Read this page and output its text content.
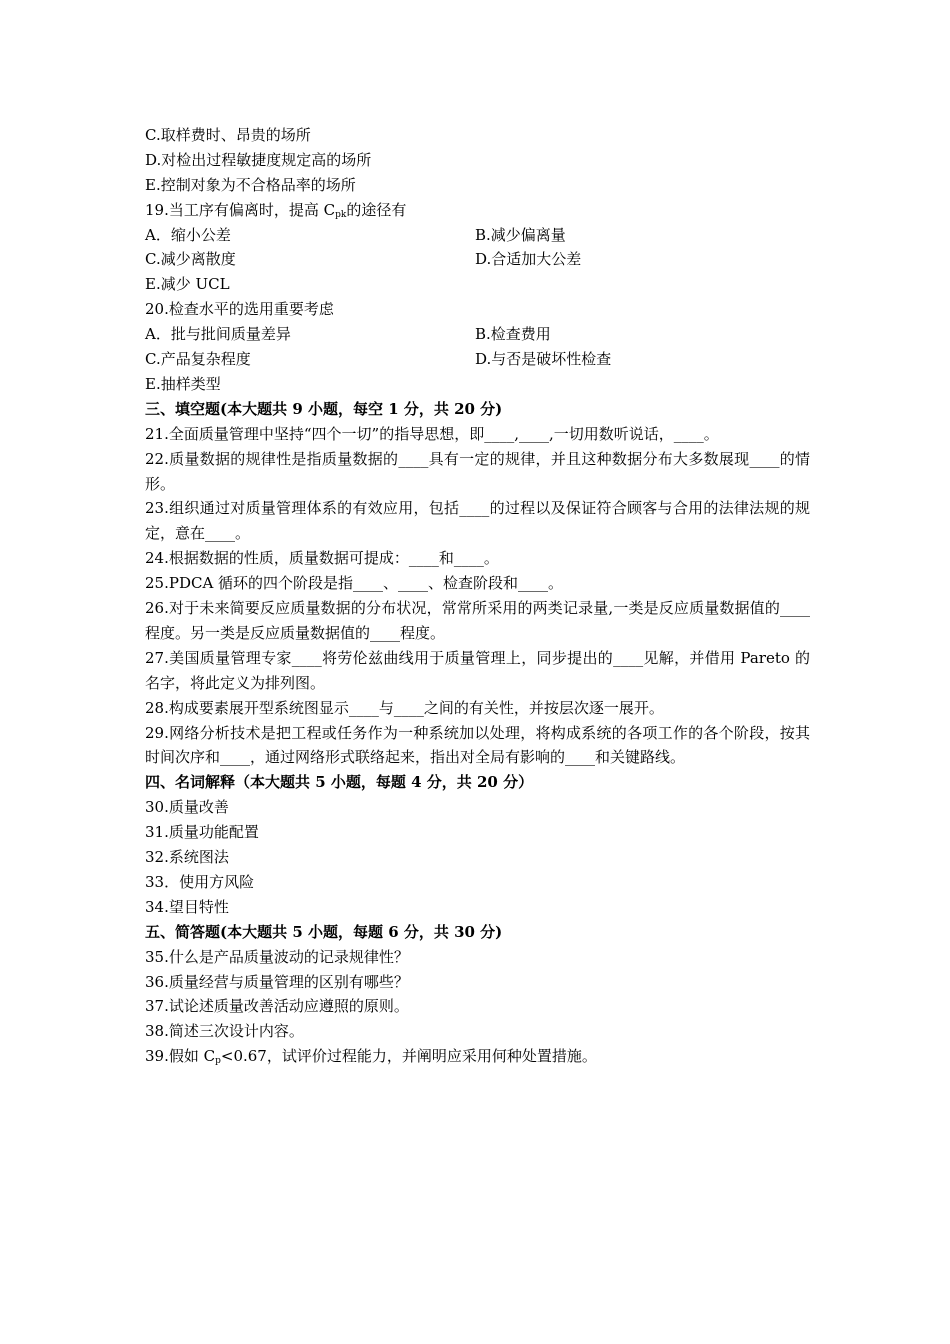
C.取样费时、昂贵的场所
D.对检出过程敏捷度规定高的场所
E.控制对象为不合格品率的场所
19.当工序有偏离时，提高 $C_{pk}$的途径有
A．缩小公差	B.减少偏离量
C.减少离散度	D.合适加大公差
E.减少 UCL
20.检查水平的选用重要考虑
A．批与批间质量差异	B.检查费用
C.产品复杂程度	D.与否是破坏性检查
E.抽样类型
三、填空题(本大题共 9 小题，每空 1 分，共 20 分)
21.全面质量管理中坚持“四个一切”的指导思想，即____,____,一切用数听说话，____。
22.质量数据的规律性是指质量数据的____具有一定的规律，并且这种数据分布大多数展现____的情形。
23.组织通过对质量管理体系的有效应用，包括____的过程以及保证符合顾客与合用的法律法规的规定，意在____。
24.根据数据的性质，质量数据可提成：____和____。
25.PDCA 循环的四个阶段是指____、____、检查阶段和____。
26.对于未来简要反应质量数据的分布状况，常常所采用的两类记录量,一类是反应质量数据值的____程度。另一类是反应质量数据值的____程度。
27.美国质量管理专家____将劳伦兹曲线用于质量管理上，同步提出的____见解，并借用 Pareto 的名字，将此定义为排列图。
28.构成要素展开型系统图显示____与____之间的有关性，并按层次逐一展开。
29.网络分析技术是把工程或任务作为一种系统加以处理，将构成系统的各项工作的各个阶段，按其时间次序和____，通过网络形式联络起来，指出对全局有影响的____和关键路线。
四、名词解释（本大题共 5 小题，每题 4 分，共 20 分）
30.质量改善
31.质量功能配置
32.系统图法
33．使用方风险
34.望目特性
五、简答题(本大题共 5 小题，每题 6 分，共 30 分)
35.什么是产品质量波动的记录规律性？
36.质量经营与质量管理的区别有哪些？
37.试论述质量改善活动应遵照的原则。
38.简述三次设计内容。
39.假如 $C_p<0.67$，试评价过程能力，并阐明应采用何种处置措施。
